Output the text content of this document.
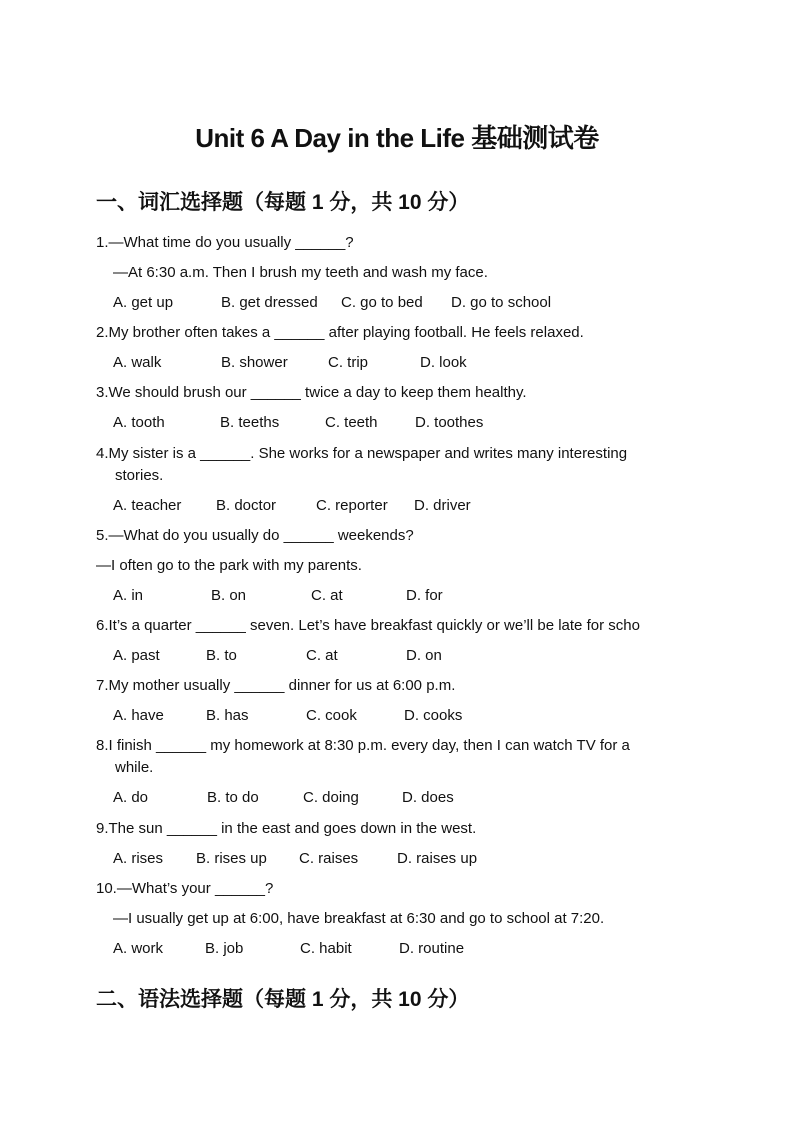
Unit 6 A Day in the Life 基础测试卷
一、词汇选择题（每题 1 分，共 10 分）
1.—What time do you usually ______?
—At 6:30 a.m. Then I brush my teeth and wash my face.
A. get up	B. get dressed C. go to bed D. go to school
2.My brother often takes a ______ after playing football. He feels relaxed.
A. walk	B. shower	C. trip	D. look
3.We should brush our ______ twice a day to keep them healthy.
A. tooth	B. teeths	C. teeth D. toothes
4.My sister is a ______. She works for a newspaper and writes many interesting
stories.
A. teacher B. doctor	C. reporter D. driver
5.—What do you usually do ______ weekends?
—I often go to the park with my parents.
A. in	B. on	C. at	D. for
6.It’s a quarter ______ seven. Let’s have breakfast quickly or we’ll be late for scho
A. past	B. to	C. at	D. on
7.My mother usually ______ dinner for us at 6:00 p.m.
A. have	B. has	C. cook	D. cooks
8.I finish ______ my homework at 8:30 p.m. every day, then I can watch TV for a
while.
A. do	B. to do	C. doing	D. does
9.The sun ______ in the east and goes down in the west.
A. rises B. rises up C. raises	D. raises up
10.—What’s your ______?
—I usually get up at 6:00, have breakfast at 6:30 and go to school at 7:20.
A. work	B. job	C. habit	D. routine
二、语法选择题（每题 1 分，共 10 分）
